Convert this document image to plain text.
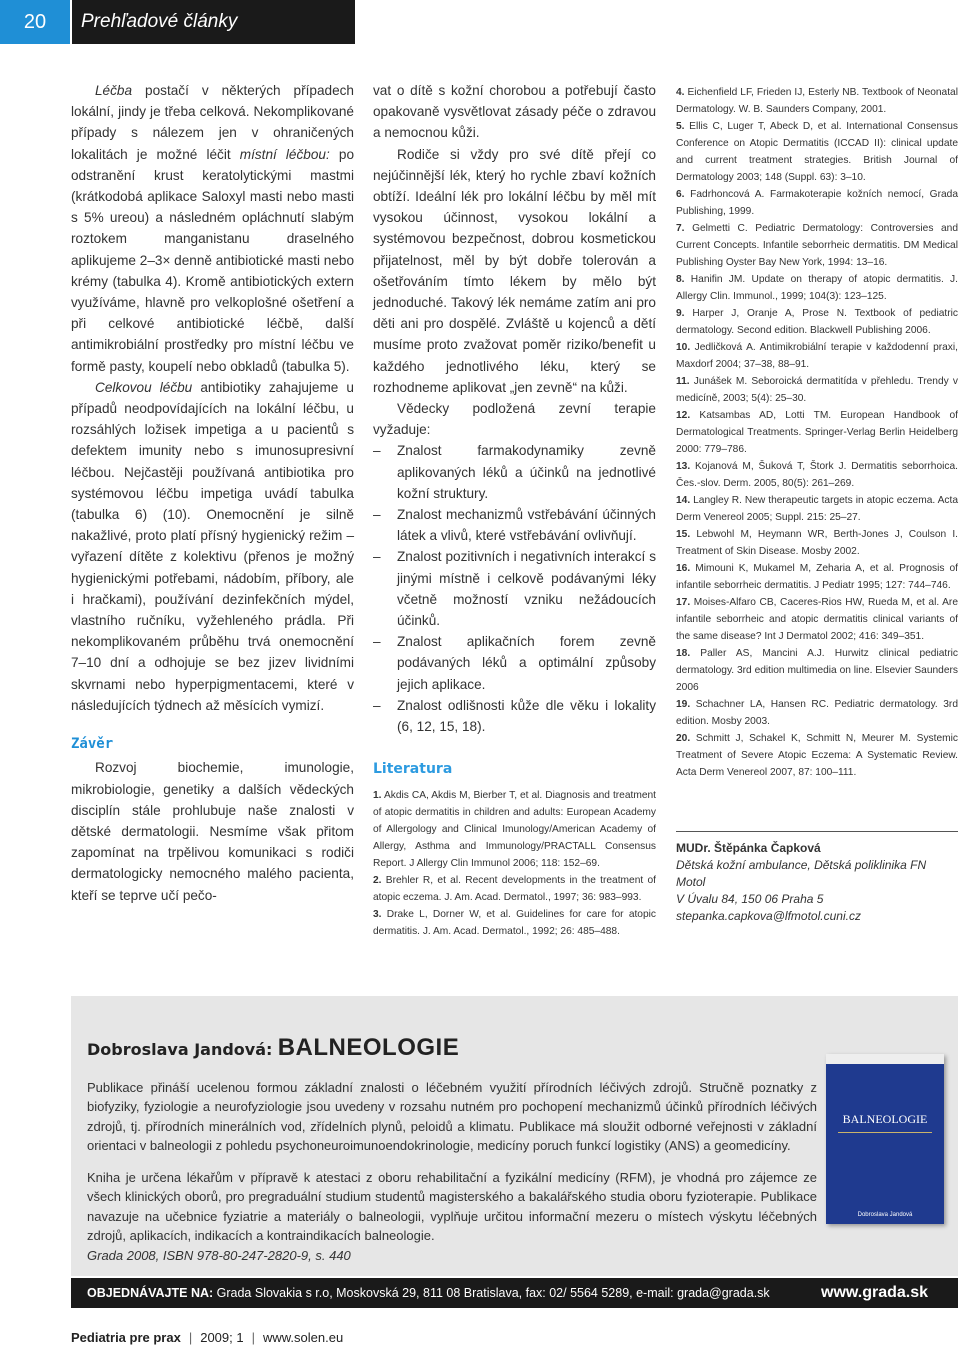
20	Prehľadové články

Léčba postačí v některých případech lokální, jindy je třeba celková. Nekomplikované případy s nálezem jen v ohraničených lokalitách je možné léčit místní léčbou: po odstranění krust keratolytickými mastmi (krátkodobá aplikace Saloxyl masti nebo masti s 5% ureou) a následném opláchnutí slabým roztokem manganistanu draselného aplikujeme 2–3× denně antibiotické masti nebo krémy (tabulka 4). Kromě antibiotických extern využíváme, hlavně pro velkoplošné ošetření a při celkové antibiotické léčbě, další antimikrobiální prostředky pro místní léčbu ve formě pasty, koupelí nebo obkladů (tabulka 5).

Celkovou léčbu antibiotiky zahajujeme u případů neodpovídajících na lokální léčbu, u rozsáhlých ložisek impetiga a u pacientů s defektem imunity nebo s imunosupresivní léčbou. Nejčastěji používaná antibiotika pro systémovou léčbu impetiga uvádí tabulka (tabulka 6) (10). Onemocnění je silně nakažlivé, proto platí přísný hygienický režim – vyřazení dítěte z kolektivu (přenos je možný hygienickými potřebami, nádobím, příbory, ale i hračkami), používání dezinfekčních mýdel, vlastního ručníku, vyžehleného prádla. Při nekomplikovaném průběhu trvá onemocnění 7–10 dní a odhojuje se bez jizev lividními skvrnami nebo hyperpigmentacemi, které v následujících týdnech až měsících vymizí.

Závěr

Rozvoj biochemie, imunologie, mikrobiologie, genetiky a dalších vědeckých disciplín stále prohlubuje naše znalosti v dětské dermatologii. Nesmíme však přitom zapomínat na trpělivou komunikaci s rodiči dermatologicky nemocného malého pacienta, kteří se teprve učí pečo-

vat o dítě s kožní chorobou a potřebují často opakovaně vysvětlovat zásady péče o zdravou a nemocnou kůži.

Rodiče si vždy pro své dítě přejí co nejúčinnější lék, který ho rychle zbaví kožních obtíží. Ideální lék pro lokální léčbu by měl mít vysokou účinnost, vysokou lokální a systémovou bezpečnost, dobrou kosmetickou přijatelnost, měl by být dobře tolerován a ošetřováním tímto lékem by mělo být jednoduché. Takový lék nemáme zatím ani pro děti ani pro dospělé. Zvláště u kojenců a dětí musíme proto zvažovat poměr riziko/benefit u každého jednotlivého léku, který se rozhodneme aplikovat „jen zevně“ na kůži.

Vědecky podložená zevní terapie vyžaduje:

– Znalost farmakodynamiky zevně aplikovaných léků a účinků na jednotlivé kožní struktury.
– Znalost mechanizmů vstřebávání účinných látek a vlivů, které vstřebávání ovlivňují.
– Znalost pozitivních i negativních interakcí s jinými místně i celkově podávanými léky včetně možností vzniku nežádoucích účinků.
– Znalost aplikačních forem zevně podávaných léků a optimální způsoby jejich aplikace.
– Znalost odlišnosti kůže dle věku i lokality (6, 12, 15, 18).
Literatura
1. Akdis CA, Akdis M, Bierber T, et al. Diagnosis and treatment of atopic dermatitis in children and adults: European Academy of Allergology and Clinical Imunology/American Academy of Allergy, Asthma and Immunology/PRACTALL Consensus Report. J Allergy Clin Immunol 2006; 118: 152–69.
2. Brehler R, et al. Recent developments in the treatment of atopic eczema. J. Am. Acad. Dermatol., 1997; 36: 983–993.
3. Drake L, Dorner W, et al. Guidelines for care for atopic dermatitis. J. Am. Acad. Dermatol., 1992; 26: 485–488.
4. Eichenfield LF, Frieden IJ, Esterly NB. Textbook of Neonatal Dermatology. W. B. Saunders Company, 2001.
5. Ellis C, Luger T, Abeck D, et al. International Consensus Conference on Atopic Dermatitis (ICCAD II): clinical update and current treatment strategies. British Journal of Dermatology 2003; 148 (Suppl. 63): 3–10.
6. Fadrhoncová A. Farmakoterapie kožních nemocí, Grada Publishing, 1999.
7. Gelmetti C. Pediatric Dermatology: Controversies and Current Concepts. Infantile seborrheic dermatitis. DM Medical Publishing Oyster Bay New York, 1994: 13–16.
8. Hanifin JM. Update on therapy of atopic dermatitis. J. Allergy Clin. Immunol., 1999; 104(3): 123–125.
9. Harper J, Oranje A, Prose N. Textbook of pediatric dermatology. Second edition. Blackwell Publishing 2006.
10. Jedličková A. Antimikrobiální terapie v každodenní praxi, Maxdorf 2004; 37–38, 88–91.
11. Junášek M. Seboroická dermatitída v přehledu. Trendy v medicíně, 2003; 5(4): 25–30.
12. Katsambas AD, Lotti TM. European Handbook of Dermatological Treatments. Springer-Verlag Berlin Heidelberg 2000: 779–786.
13. Kojanová M, Šuková T, Štork J. Dermatitis seborrhoica. Čes.-slov. Derm. 2005, 80(5): 261–269.
14. Langley R. New therapeutic targets in atopic eczema. Acta Derm Venereol 2005; Suppl. 215: 25–27.
15. Lebwohl M, Heymann WR, Berth-Jones J, Coulson I. Treatment of Skin Disease. Mosby 2002.
16. Mimouni K, Mukamel M, Zeharia A, et al. Prognosis of infantile seborrheic dermatitis. J Pediatr 1995; 127: 744–746.
17. Moises-Alfaro CB, Caceres-Rios HW, Rueda M, et al. Are infantile seborrheic and atopic dermatitis clinical variants of the same disease? Int J Dermatol 2002; 416: 349–351.
18. Paller AS, Mancini A.J. Hurwitz clinical pediatric dermatology. 3rd edition multimedia on line. Elsevier Saunders 2006
19. Schachner LA, Hansen RC. Pediatric dermatology. 3rd edition. Mosby 2003.
20. Schmitt J, Schakel K, Schmitt N, Meurer M. Systemic Treatment of Severe Atopic Eczema: A Systematic Review. Acta Derm Venereol 2007, 87: 100–111.
MUDr. Štěpánka Čapková
Dětská kožní ambulance, Dětská poliklinika FN Motol
V Úvalu 84, 150 06 Praha 5
stepanka.capkova@lfmotol.cuni.cz
Dobroslava Jandová: BALNEOLOGIE

Publikace přináší ucelenou formou základní znalosti o léčebném využití přírodních léčivých zdrojů. Stručně poznatky z biofyziky, fyziologie a neurofyziologie jsou uvedeny v rozsahu nutném pro pochopení mechanizmů účinků přírodních léčivých zdrojů, tj. přírodních minerálních vod, zřídelních plynů, peloidů a klimatu. Publikace má sloužit odborné veřejnosti v základní orientaci v balneologii z pohledu psychoneuroimunoendokrinologie, medicíny poruch funkcí logistiky (ANS) a geomedicíny.

Kniha je určena lékařům v přípravě k atestaci z oboru rehabilitační a fyzikální medicíny (RFM), je vhodná pro zájemce ze všech klinických oborů, pro pregraduální studium studentů magisterského a bakalářského studia oboru fyzioterapie. Publikace navazuje na učebnice fyziatrie a materiály o balneologii, vyplňuje určitou informační mezeru o místech výskytu léčebných zdrojů, aplikacích, indikacích a kontraindikacích balneologie.

Grada 2008, ISBN 978-80-247-2820-9, s. 440
BALNEOLOGIE
Dobroslava Jandová
OBJEDNÁVAJTE NA: Grada Slovakia s r.o, Moskovská 29, 811 08 Bratislava, fax: 02/ 5564 5289, e-mail: grada@grada.sk	www.grada.sk
Pediatria pre prax | 2009; 1 | www.solen.eu
